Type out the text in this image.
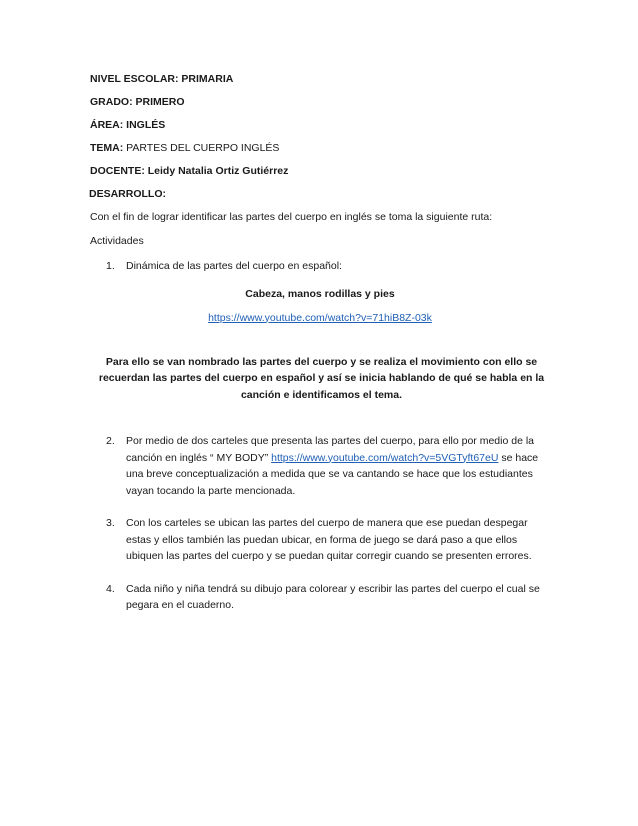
NIVEL ESCOLAR: PRIMARIA

GRADO: PRIMERO

ÁREA: INGLÉS

TEMA: PARTES DEL CUERPO INGLÉS

DOCENTE: Leidy Natalia Ortiz Gutiérrez

DESARROLLO:

Con el fin de lograr identificar las partes del cuerpo en inglés se toma la siguiente ruta:

Actividades

1. Dinámica de las partes del cuerpo en español:

Cabeza, manos rodillas y pies

https://www.youtube.com/watch?v=71hiB8Z-03k

Para ello se van nombrado las partes del cuerpo y se realiza el movimiento con ello se recuerdan las partes del cuerpo en español y así se inicia hablando de qué se habla en la canción e identificamos el tema.

2. Por medio de dos carteles que presenta las partes del cuerpo, para ello por medio de la canción en inglés “ MY BODY” https://www.youtube.com/watch?v=5VGTyft67eU se hace una breve conceptualización a medida que se va cantando se hace que los estudiantes vayan tocando la parte mencionada.
3. Con los carteles se ubican las partes del cuerpo de manera que ese puedan despegar estas y ellos también las puedan ubicar, en forma de juego se dará paso a que ellos ubiquen las partes del cuerpo y se puedan quitar corregir cuando se presenten errores.
4. Cada niño y niña tendrá su dibujo para colorear y escribir las partes del cuerpo el cual se pegara en el cuaderno.
